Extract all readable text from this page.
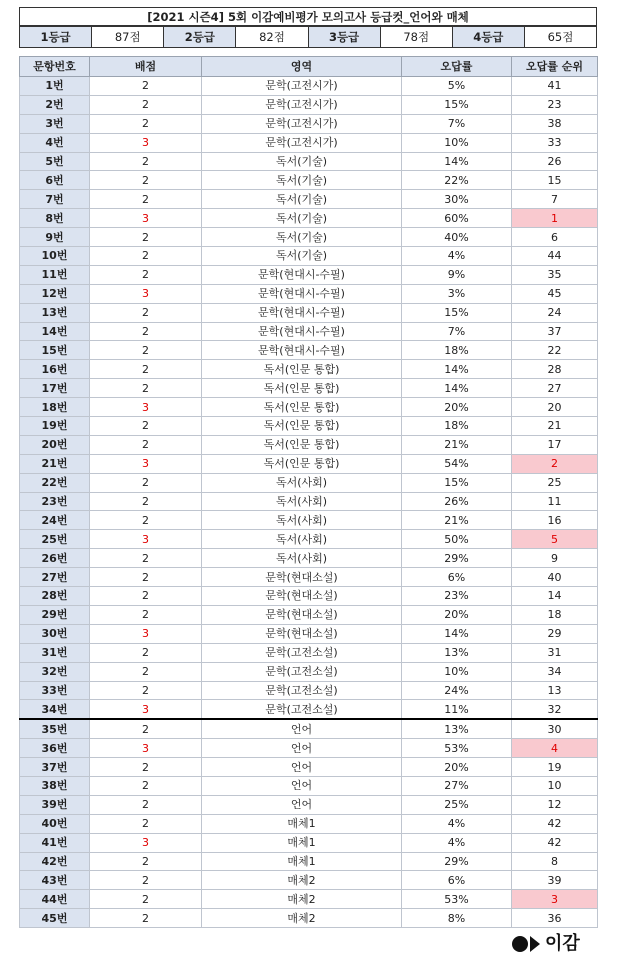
[2021 시즌4] 5회 이감예비평가 모의고사 등급컷_언어와 매체
1등급	87점	2등급	82점	3등급	78점	4등급	65점
문항번호	배점	영역	오답률	오답률 순위
1번	2	문학(고전시가)	5%	41
2번	2	문학(고전시가)	15%	23
3번	2	문학(고전시가)	7%	38
4번	3	문학(고전시가)	10%	33
5번	2	독서(기술)	14%	26
6번	2	독서(기술)	22%	15
7번	2	독서(기술)	30%	7
8번	3	독서(기술)	60%	1
9번	2	독서(기술)	40%	6
10번	2	독서(기술)	4%	44
11번	2	문학(현대시-수필)	9%	35
12번	3	문학(현대시-수필)	3%	45
13번	2	문학(현대시-수필)	15%	24
14번	2	문학(현대시-수필)	7%	37
15번	2	문학(현대시-수필)	18%	22
16번	2	독서(인문 통합)	14%	28
17번	2	독서(인문 통합)	14%	27
18번	3	독서(인문 통합)	20%	20
19번	2	독서(인문 통합)	18%	21
20번	2	독서(인문 통합)	21%	17
21번	3	독서(인문 통합)	54%	2
22번	2	독서(사회)	15%	25
23번	2	독서(사회)	26%	11
24번	2	독서(사회)	21%	16
25번	3	독서(사회)	50%	5
26번	2	독서(사회)	29%	9
27번	2	문학(현대소설)	6%	40
28번	2	문학(현대소설)	23%	14
29번	2	문학(현대소설)	20%	18
30번	3	문학(현대소설)	14%	29
31번	2	문학(고전소설)	13%	31
32번	2	문학(고전소설)	10%	34
33번	2	문학(고전소설)	24%	13
34번	3	문학(고전소설)	11%	32
35번	2	언어	13%	30
36번	3	언어	53%	4
37번	2	언어	20%	19
38번	2	언어	27%	10
39번	2	언어	25%	12
40번	2	매체1	4%	42
41번	3	매체1	4%	42
42번	2	매체1	29%	8
43번	2	매체2	6%	39
44번	2	매체2	53%	3
45번	2	매체2	8%	36
이감
